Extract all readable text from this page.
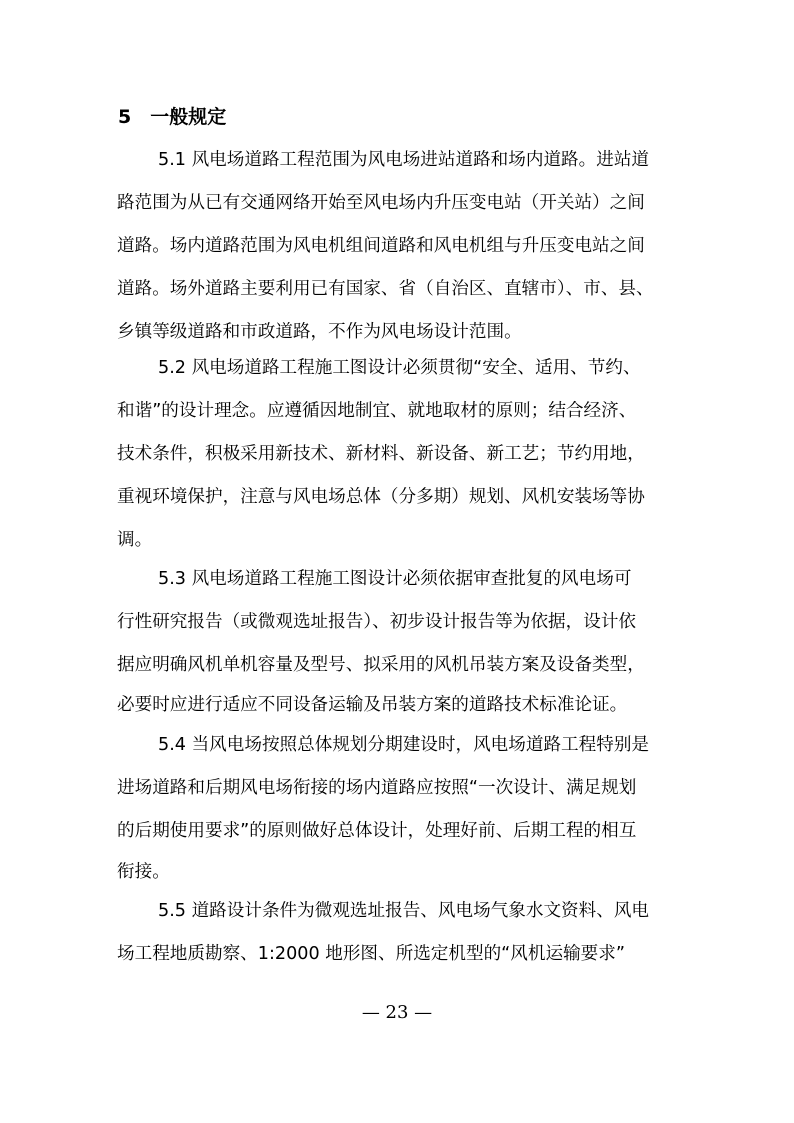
5　一般规定
5.1 风电场道路工程范围为风电场进站道路和场内道路。进站道
路范围为从已有交通网络开始至风电场内升压变电站（开关站）之间
道路。场内道路范围为风电机组间道路和风电机组与升压变电站之间
道路。场外道路主要利用已有国家、省（自治区、直辖市）、市、县、
乡镇等级道路和市政道路，不作为风电场设计范围。
5.2 风电场道路工程施工图设计必须贯彻“安全、适用、节约、
和谐”的设计理念。应遵循因地制宜、就地取材的原则；结合经济、
技术条件，积极采用新技术、新材料、新设备、新工艺；节约用地，
重视环境保护，注意与风电场总体（分多期）规划、风机安装场等协
调。
5.3 风电场道路工程施工图设计必须依据审查批复的风电场可
行性研究报告（或微观选址报告）、初步设计报告等为依据，设计依
据应明确风机单机容量及型号、拟采用的风机吊装方案及设备类型，
必要时应进行适应不同设备运输及吊装方案的道路技术标准论证。
5.4 当风电场按照总体规划分期建设时，风电场道路工程特别是
进场道路和后期风电场衔接的场内道路应按照“一次设计、满足规划
的后期使用要求”的原则做好总体设计，处理好前、后期工程的相互
衔接。
5.5 道路设计条件为微观选址报告、风电场气象水文资料、风电
场工程地质勘察、1:2000 地形图、所选定机型的“风机运输要求”
— 23 —
